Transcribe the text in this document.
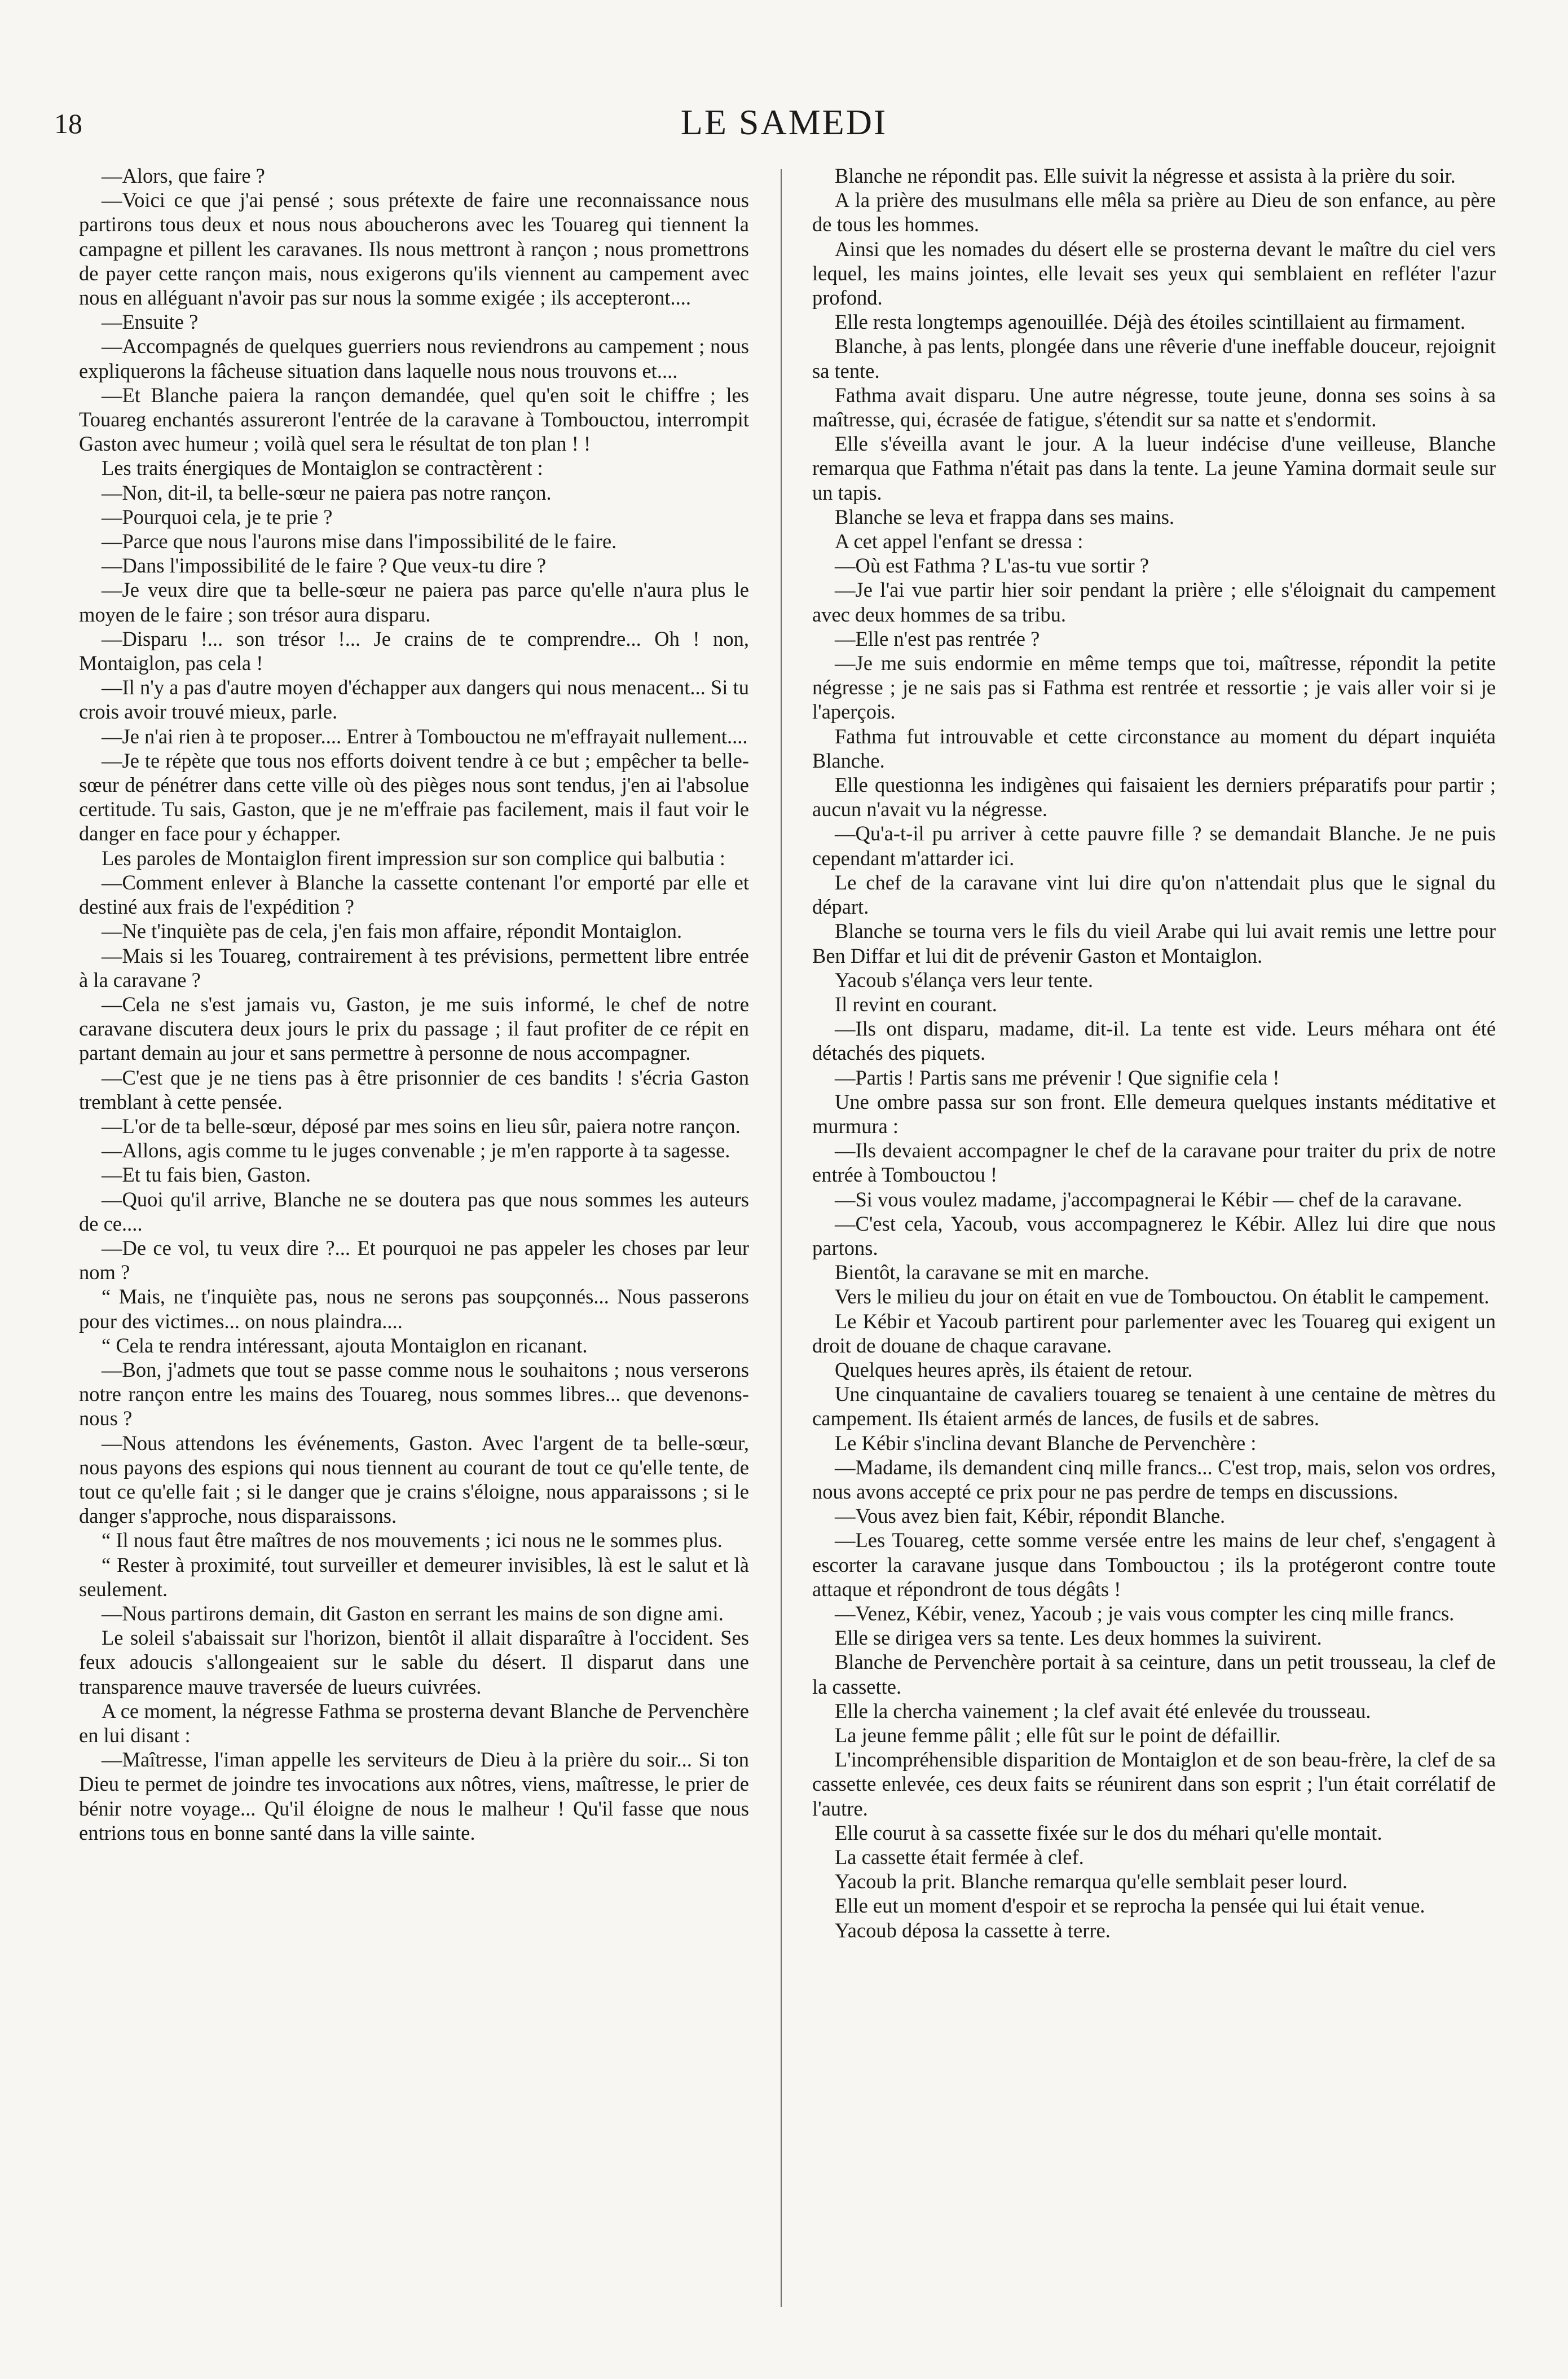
18	LE SAMEDI

—Alors, que faire ?

—Voici ce que j'ai pensé ; sous prétexte de faire une reconnaissance nous partirons tous deux et nous nous aboucherons avec les Touareg qui tiennent la campagne et pillent les caravanes. Ils nous mettront à rançon ; nous promettrons de payer cette rançon mais, nous exigerons qu'ils viennent au campement avec nous en alléguant n'avoir pas sur nous la somme exigée ; ils accepteront....

—Ensuite ?

—Accompagnés de quelques guerriers nous reviendrons au campement ; nous expliquerons la fâcheuse situation dans laquelle nous nous trouvons et....

—Et Blanche paiera la rançon demandée, quel qu'en soit le chiffre ; les Touareg enchantés assureront l'entrée de la caravane à Tombouctou, interrompit Gaston avec humeur ; voilà quel sera le résultat de ton plan ! !

Les traits énergiques de Montaiglon se contractèrent :

—Non, dit-il, ta belle-sœur ne paiera pas notre rançon.

—Pourquoi cela, je te prie ?

—Parce que nous l'aurons mise dans l'impossibilité de le faire.

—Dans l'impossibilité de le faire ? Que veux-tu dire ?

—Je veux dire que ta belle-sœur ne paiera pas parce qu'elle n'aura plus le moyen de le faire ; son trésor aura disparu.

—Disparu !... son trésor !... Je crains de te comprendre... Oh ! non, Montaiglon, pas cela !

—Il n'y a pas d'autre moyen d'échapper aux dangers qui nous menacent... Si tu crois avoir trouvé mieux, parle.

—Je n'ai rien à te proposer.... Entrer à Tombouctou ne m'effrayait nullement....

—Je te répète que tous nos efforts doivent tendre à ce but ; empêcher ta belle-sœur de pénétrer dans cette ville où des pièges nous sont tendus, j'en ai l'absolue certitude. Tu sais, Gaston, que je ne m'effraie pas facilement, mais il faut voir le danger en face pour y échapper.

Les paroles de Montaiglon firent impression sur son complice qui balbutia :

—Comment enlever à Blanche la cassette contenant l'or emporté par elle et destiné aux frais de l'expédition ?

—Ne t'inquiète pas de cela, j'en fais mon affaire, répondit Montaiglon.

—Mais si les Touareg, contrairement à tes prévisions, permettent libre entrée à la caravane ?

—Cela ne s'est jamais vu, Gaston, je me suis informé, le chef de notre caravane discutera deux jours le prix du passage ; il faut profiter de ce répit en partant demain au jour et sans permettre à personne de nous accompagner.

—C'est que je ne tiens pas à être prisonnier de ces bandits ! s'écria Gaston tremblant à cette pensée.

—L'or de ta belle-sœur, déposé par mes soins en lieu sûr, paiera notre rançon.

—Allons, agis comme tu le juges convenable ; je m'en rapporte à ta sagesse.

—Et tu fais bien, Gaston.

—Quoi qu'il arrive, Blanche ne se doutera pas que nous sommes les auteurs de ce....

—De ce vol, tu veux dire ?... Et pourquoi ne pas appeler les choses par leur nom ?

“ Mais, ne t'inquiète pas, nous ne serons pas soupçonnés... Nous passerons pour des victimes... on nous plaindra....

“ Cela te rendra intéressant, ajouta Montaiglon en ricanant.

—Bon, j'admets que tout se passe comme nous le souhaitons ; nous verserons notre rançon entre les mains des Touareg, nous sommes libres... que devenons-nous ?

—Nous attendons les événements, Gaston. Avec l'argent de ta belle-sœur, nous payons des espions qui nous tiennent au courant de tout ce qu'elle tente, de tout ce qu'elle fait ; si le danger que je crains s'éloigne, nous apparaissons ; si le danger s'approche, nous disparaissons.

“ Il nous faut être maîtres de nos mouvements ; ici nous ne le sommes plus.

“ Rester à proximité, tout surveiller et demeurer invisibles, là est le salut et là seulement.

—Nous partirons demain, dit Gaston en serrant les mains de son digne ami.

Le soleil s'abaissait sur l'horizon, bientôt il allait disparaître à l'occident. Ses feux adoucis s'allongeaient sur le sable du désert. Il disparut dans une transparence mauve traversée de lueurs cuivrées.

A ce moment, la négresse Fathma se prosterna devant Blanche de Pervenchère en lui disant :

—Maîtresse, l'iman appelle les serviteurs de Dieu à la prière du soir... Si ton Dieu te permet de joindre tes invocations aux nôtres, viens, maîtresse, le prier de bénir notre voyage... Qu'il éloigne de nous le malheur ! Qu'il fasse que nous entrions tous en bonne santé dans la ville sainte.

Blanche ne répondit pas. Elle suivit la négresse et assista à la prière du soir.

A la prière des musulmans elle mêla sa prière au Dieu de son enfance, au père de tous les hommes.

Ainsi que les nomades du désert elle se prosterna devant le maître du ciel vers lequel, les mains jointes, elle levait ses yeux qui semblaient en refléter l'azur profond.

Elle resta longtemps agenouillée. Déjà des étoiles scintillaient au firmament.

Blanche, à pas lents, plongée dans une rêverie d'une ineffable douceur, rejoignit sa tente.

Fathma avait disparu. Une autre négresse, toute jeune, donna ses soins à sa maîtresse, qui, écrasée de fatigue, s'étendit sur sa natte et s'endormit.

Elle s'éveilla avant le jour. A la lueur indécise d'une veilleuse, Blanche remarqua que Fathma n'était pas dans la tente. La jeune Yamina dormait seule sur un tapis.

Blanche se leva et frappa dans ses mains.

A cet appel l'enfant se dressa :

—Où est Fathma ? L'as-tu vue sortir ?

—Je l'ai vue partir hier soir pendant la prière ; elle s'éloignait du campement avec deux hommes de sa tribu.

—Elle n'est pas rentrée ?

—Je me suis endormie en même temps que toi, maîtresse, répondit la petite négresse ; je ne sais pas si Fathma est rentrée et ressortie ; je vais aller voir si je l'aperçois.

Fathma fut introuvable et cette circonstance au moment du départ inquiéta Blanche.

Elle questionna les indigènes qui faisaient les derniers préparatifs pour partir ; aucun n'avait vu la négresse.

—Qu'a-t-il pu arriver à cette pauvre fille ? se demandait Blanche. Je ne puis cependant m'attarder ici.

Le chef de la caravane vint lui dire qu'on n'attendait plus que le signal du départ.

Blanche se tourna vers le fils du vieil Arabe qui lui avait remis une lettre pour Ben Diffar et lui dit de prévenir Gaston et Montaiglon.

Yacoub s'élança vers leur tente.

Il revint en courant.

—Ils ont disparu, madame, dit-il. La tente est vide. Leurs méhara ont été détachés des piquets.

—Partis ! Partis sans me prévenir ! Que signifie cela !

Une ombre passa sur son front. Elle demeura quelques instants méditative et murmura :

—Ils devaient accompagner le chef de la caravane pour traiter du prix de notre entrée à Tombouctou !

—Si vous voulez madame, j'accompagnerai le Kébir — chef de la caravane.

—C'est cela, Yacoub, vous accompagnerez le Kébir. Allez lui dire que nous partons.

Bientôt, la caravane se mit en marche.

Vers le milieu du jour on était en vue de Tombouctou. On établit le campement.

Le Kébir et Yacoub partirent pour parlementer avec les Touareg qui exigent un droit de douane de chaque caravane.

Quelques heures après, ils étaient de retour.

Une cinquantaine de cavaliers touareg se tenaient à une centaine de mètres du campement. Ils étaient armés de lances, de fusils et de sabres.

Le Kébir s'inclina devant Blanche de Pervenchère :

—Madame, ils demandent cinq mille francs... C'est trop, mais, selon vos ordres, nous avons accepté ce prix pour ne pas perdre de temps en discussions.

—Vous avez bien fait, Kébir, répondit Blanche.

—Les Touareg, cette somme versée entre les mains de leur chef, s'engagent à escorter la caravane jusque dans Tombouctou ; ils la protégeront contre toute attaque et répondront de tous dégâts !

—Venez, Kébir, venez, Yacoub ; je vais vous compter les cinq mille francs.

Elle se dirigea vers sa tente. Les deux hommes la suivirent.

Blanche de Pervenchère portait à sa ceinture, dans un petit trousseau, la clef de la cassette.

Elle la chercha vainement ; la clef avait été enlevée du trousseau.

La jeune femme pâlit ; elle fût sur le point de défaillir.

L'incompréhensible disparition de Montaiglon et de son beau-frère, la clef de sa cassette enlevée, ces deux faits se réunirent dans son esprit ; l'un était corrélatif de l'autre.

Elle courut à sa cassette fixée sur le dos du méhari qu'elle montait.

La cassette était fermée à clef.

Yacoub la prit. Blanche remarqua qu'elle semblait peser lourd.

Elle eut un moment d'espoir et se reprocha la pensée qui lui était venue.

Yacoub déposa la cassette à terre.
